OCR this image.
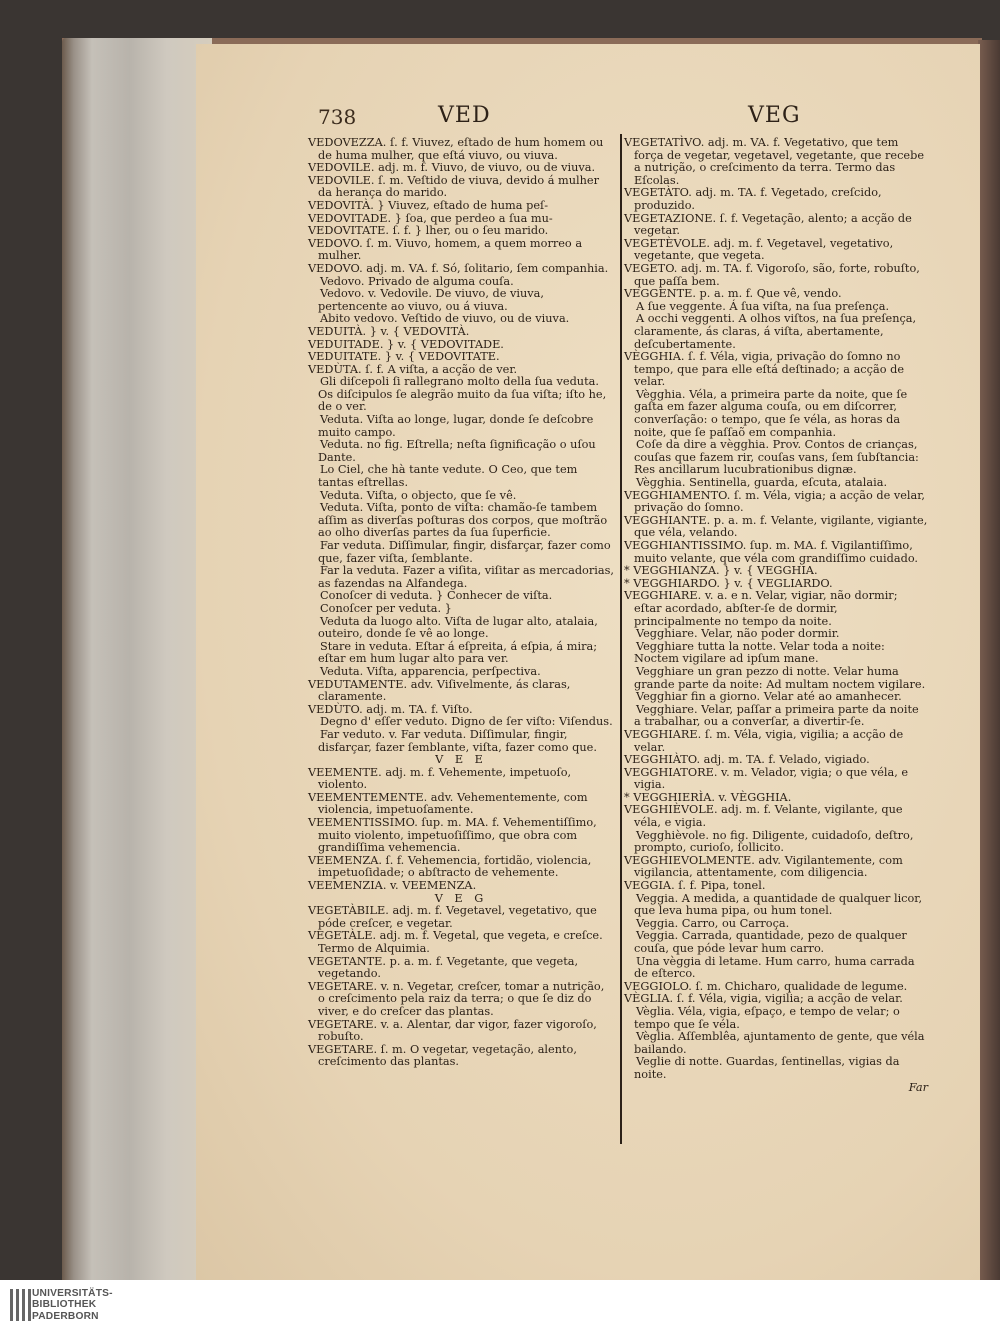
738	VED	VEG

VEDOVEZZA. ſ. f. Viuvez, eſtado de hum homem ou de huma mulher, que eſtá viuvo, ou viuva.

VEDOVILE. adj. m. f. Viuvo, de viuvo, ou de viuva.

VEDOVILE. ſ. m. Veſtido de viuva, devido á mulher da herança do marido.

VEDOVITÀ. } Viuvez, eſtado de huma peſ-

VEDOVITADE. } ſoa, que perdeo a ſua mu-

VEDOVITATE. ſ. f. } lher, ou o ſeu marido.

VEDOVO. ſ. m. Viuvo, homem, a quem morreo a mulher.

VEDOVO. adj. m. VA. f. Só, ſolitario, ſem companhia.

Vedovo. Privado de alguma couſa.

Vedovo. v. Vedovile. De viuvo, de viuva, pertencente ao viuvo, ou á viuva.

Abito vedovo. Veſtido de viuvo, ou de viuva.

VEDUITÀ. } v. { VEDOVITÀ.

VEDUITADE. } v. { VEDOVITADE.

VEDUITATE. } v. { VEDOVITATE.

VEDÙTA. ſ. f. A viſta, a acção de ver.

Gli diſcepoli ſi rallegrano molto della ſua veduta. Os diſcipulos ſe alegrão muito da ſua viſta; iſto he, de o ver.

Veduta. Viſta ao longe, lugar, donde ſe deſcobre muito campo.

Veduta. no fig. Eſtrella; neſta ſignificação o uſou Dante.

Lo Ciel, che hà tante vedute. O Ceo, que tem tantas eſtrellas.

Veduta. Viſta, o objecto, que ſe vê.

Veduta. Viſta, ponto de viſta: chamão-ſe tambem aſſim as diverſas poſturas dos corpos, que moſtrão ao olho diverſas partes da ſua ſuperficie.

Far veduta. Diſſimular, fingir, disfarçar, fazer como que, fazer viſta, ſemblante.

Far la veduta. Fazer a viſita, viſitar as mercadorias, as fazendas na Alfandega.

Conoſcer di veduta. } Conhecer de viſta.

Conoſcer per veduta. }

Veduta da luogo alto. Viſta de lugar alto, atalaia, outeiro, donde ſe vê ao longe.

Stare in veduta. Eſtar á eſpreita, á eſpia, á mira; eſtar em hum lugar alto para ver.

Veduta. Viſta, apparencia, perſpectiva.

VEDUTAMENTE. adv. Viſivelmente, ás claras, claramente.

VEDÙTO. adj. m. TA. f. Viſto.

Degno d' eſſer veduto. Digno de ſer viſto: Viſendus.

Far veduto. v. Far veduta. Diſſimular, fingir, disfarçar, fazer ſemblante, viſta, fazer como que.

V E E

VEEMENTE. adj. m. f. Vehemente, impetuoſo, violento.

VEEMENTEMENTE. adv. Vehementemente, com violencia, impetuoſamente.

VEEMENTISSIMO. ſup. m. MA. f. Vehementiſſimo, muito violento, impetuoſiſſimo, que obra com grandiſſima vehemencia.

VEEMENZA. ſ. f. Vehemencia, fortidão, violencia, impetuoſidade; o abſtracto de vehemente.

VEEMENZIA. v. VEEMENZA.

V E G

VEGETÀBILE. adj. m. f. Vegetavel, vegetativo, que póde creſcer, e vegetar.

VEGETÀLE. adj. m. f. Vegetal, que vegeta, e creſce. Termo de Alquimia.

VEGETANTE. p. a. m. f. Vegetante, que vegeta, vegetando.

VEGETARE. v. n. Vegetar, creſcer, tomar a nutrição, o creſcimento pela raiz da terra; o que ſe diz do viver, e do creſcer das plantas.

VEGETARE. v. a. Alentar, dar vigor, fazer vigoroſo, robuſto.

VEGETARE. ſ. m. O vegetar, vegetação, alento, creſcimento das plantas.

VEGETATÌVO. adj. m. VA. f. Vegetativo, que tem força de vegetar, vegetavel, vegetante, que recebe a nutrição, o creſcimento da terra. Termo das Eſcolas.

VEGETÀTO. adj. m. TA. f. Vegetado, creſcido, produzido.

VEGETAZIONE. ſ. f. Vegetação, alento; a acção de vegetar.

VEGETÈVOLE. adj. m. f. Vegetavel, vegetativo, vegetante, que vegeta.

VEGETO. adj. m. TA. f. Vigoroſo, são, forte, robuſto, que paſſa bem.

VEGGENTE. p. a. m. f. Que vê, vendo.

A ſue veggente. Á ſua viſta, na ſua preſença.

A occhi veggenti. A olhos viſtos, na ſua preſença, claramente, ás claras, á viſta, abertamente, deſcubertamente.

VÈGGHIA. ſ. f. Véla, vigia, privação do ſomno no tempo, que para elle eſtá deſtinado; a acção de velar.

Vègghia. Véla, a primeira parte da noite, que ſe gaſta em fazer alguma couſa, ou em diſcorrer, converſação: o tempo, que ſe véla, as horas da noite, que ſe paſſaõ em companhia.

Coſe da dire a vègghia. Prov. Contos de crianças, couſas que fazem rir, couſas vans, ſem ſubſtancia: Res ancillarum lucubrationibus dignæ.

Vègghia. Sentinella, guarda, eſcuta, atalaia.

VEGGHIAMENTO. ſ. m. Véla, vigia; a acção de velar, privação do ſomno.

VEGGHIANTE. p. a. m. f. Velante, vigilante, vigiante, que véla, velando.

VEGGHIANTISSIMO. ſup. m. MA. f. Vigilantiſſimo, muito velante, que véla com grandiſſimo cuidado.

* VEGGHIANZA. } v. { VEGGHIA.

* VEGGHIARDO. } v. { VEGLIARDO.

VEGGHIARE. v. a. e n. Velar, vigiar, não dormir; eſtar acordado, abſter-ſe de dormir, principalmente no tempo da noite.

Vegghiare. Velar, não poder dormir.

Vegghiare tutta la notte. Velar toda a noite: Noctem vigilare ad ipſum mane.

Vegghiare un gran pezzo di notte. Velar huma grande parte da noite: Ad multam noctem vigilare.

Vegghiar fin a giorno. Velar até ao amanhecer.

Vegghiare. Velar, paſſar a primeira parte da noite a trabalhar, ou a converſar, a divertir-ſe.

VEGGHIARE. ſ. m. Véla, vigia, vigilia; a acção de velar.

VEGGHIÀTO. adj. m. TA. f. Velado, vigiado.

VEGGHIATORE. v. m. Velador, vigia; o que véla, e vigia.

* VEGGHIERÌA. v. VÈGGHIA.

VEGGHIÈVOLE. adj. m. f. Velante, vigilante, que véla, e vigia.

Vegghièvole. no fig. Diligente, cuidadoſo, deſtro, prompto, curioſo, ſollicito.

VEGGHIEVOLMENTE. adv. Vigilantemente, com vigilancia, attentamente, com diligencia.

VEGGIA. ſ. f. Pipa, tonel.

Veggia. A medida, a quantidade de qualquer licor, que leva huma pipa, ou hum tonel.

Veggia. Carro, ou Carroça.

Veggia. Carrada, quantidade, pezo de qualquer couſa, que póde levar hum carro.

Una vèggia di letame. Hum carro, huma carrada de eſterco.

VEGGIOLO. ſ. m. Chicharo, qualidade de legume.

VÈGLIA. ſ. f. Véla, vigia, vigilia; a acção de velar.

Vèglia. Véla, vigia, eſpaço, e tempo de velar; o tempo que ſe véla.

Vèglia. Aſſemblêa, ajuntamento de gente, que véla bailando.

Veglie di notte. Guardas, ſentinellas, vigias da noite.

Far

UNIVERSITÄTS-
BIBLIOTHEK
PADERBORN
